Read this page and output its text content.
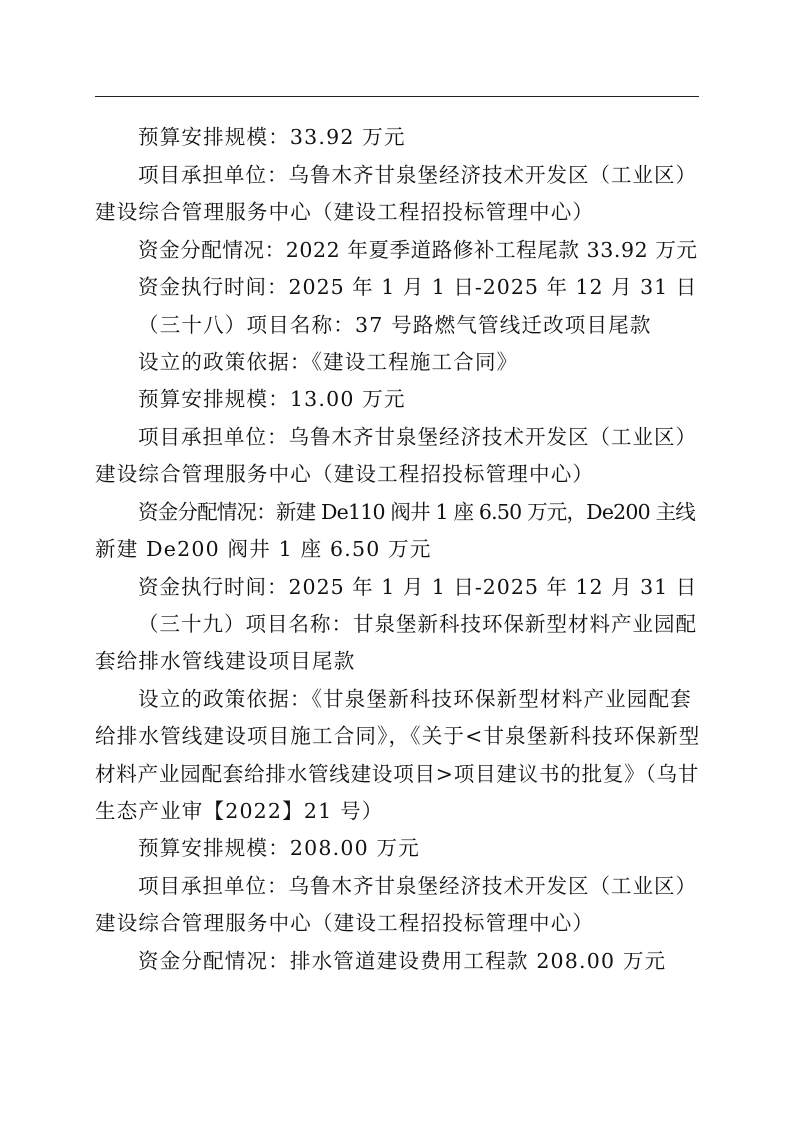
预算安排规模：33.92 万元
项目承担单位：乌鲁木齐甘泉堡经济技术开发区（工业区）
建设综合管理服务中心（建设工程招投标管理中心）
资金分配情况：2022 年夏季道路修补工程尾款 33.92 万元
资金执行时间：2025 年 1 月 1 日-2025 年 12 月 31 日
（三十八）项目名称：37 号路燃气管线迁改项目尾款
设立的政策依据：《建设工程施工合同》
预算安排规模：13.00 万元
项目承担单位：乌鲁木齐甘泉堡经济技术开发区（工业区）
建设综合管理服务中心（建设工程招投标管理中心）
资金分配情况：新建 De110 阀井 1 座 6.50 万元，De200 主线
新建 De200 阀井 1 座 6.50 万元
资金执行时间：2025 年 1 月 1 日-2025 年 12 月 31 日
（三十九）项目名称：甘泉堡新科技环保新型材料产业园配
套给排水管线建设项目尾款
设立的政策依据：《甘泉堡新科技环保新型材料产业园配套
给排水管线建设项目施工合同》，《关于<甘泉堡新科技环保新型
材料产业园配套给排水管线建设项目>项目建议书的批复》（乌甘
生态产业审【2022】21 号）
预算安排规模：208.00 万元
项目承担单位：乌鲁木齐甘泉堡经济技术开发区（工业区）
建设综合管理服务中心（建设工程招投标管理中心）
资金分配情况：排水管道建设费用工程款 208.00 万元
